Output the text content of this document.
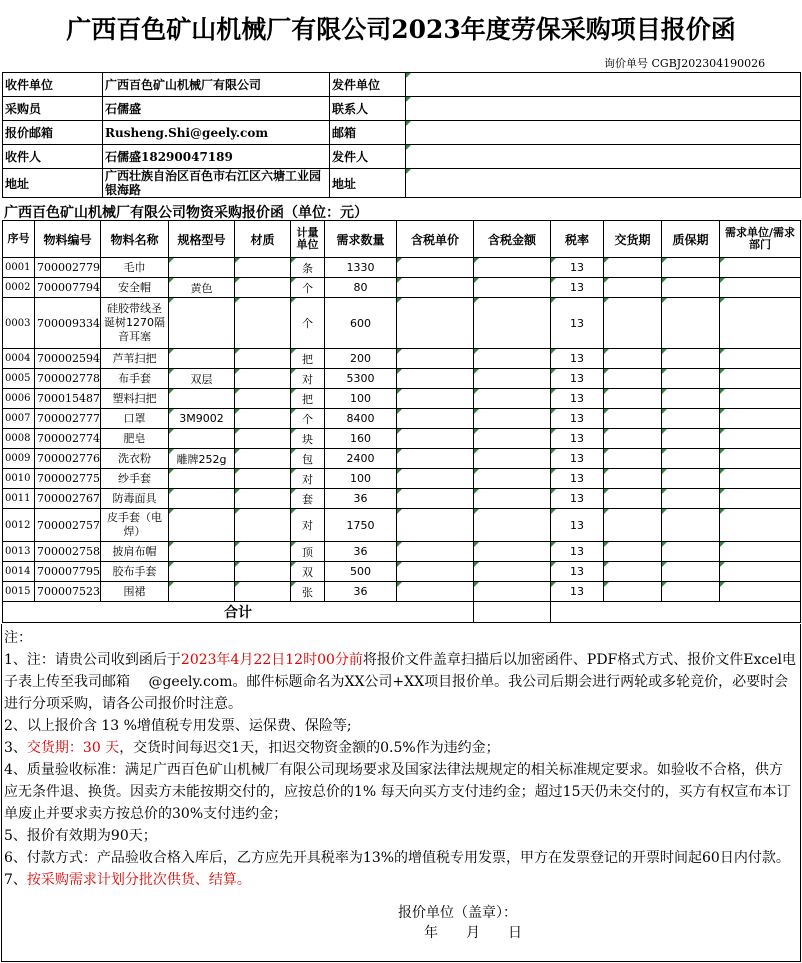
广西百色矿山机械厂有限公司2023年度劳保采购项目报价函
询价单号 CGBJ202304190026
收件单位	广西百色矿山机械厂有限公司	发件单位	
采购员	石儒盛	联系人	
报价邮箱	Rusheng.Shi@geely.com	邮箱	
收件人	石儒盛18290047189	发件人	
地址	广西壮族自治区百色市右江区六塘工业园银海路	地址	
广西百色矿山机械厂有限公司物资采购报价函（单位：元）
序号	物料编号	物料名称	规格型号	材质	计量单位	需求数量	含税单价	含税金额	税率	交货期	质保期	需求单位/需求部门
0001	700002779	毛巾			条	1330			13			
0002	700007794	安全帽	黄色		个	80			13			
0003	700009334	硅胶带线圣诞树1270隔音耳塞			个	600			13			
0004	700002594	芦苇扫把			把	200			13			
0005	700002778	布手套	双层		对	5300			13			
0006	700015487	塑料扫把			把	100			13			
0007	700002777	口罩	3M9002		个	8400			13			
0008	700002774	肥皂			块	160			13			
0009	700002776	洗衣粉	雕牌252g		包	2400			13			
0010	700002775	纱手套			对	100			13			
0011	700002767	防毒面具			套	36			13			
0012	700002757	皮手套（电焊）			对	1750			13			
0013	700002758	披肩布帽			顶	36			13			
0014	700007795	胶布手套			双	500			13			
0015	700007523	围裙			张	36			13			
合计												

注：

1、注：请贵公司收到函后于2023年4月22日12时00分前将报价文件盖章扫描后以加密函件、PDF格式方式、报价文件Excel电子表上传至我司邮箱　 @geely.com。邮件标题命名为XX公司+XX项目报价单。我公司后期会进行两轮或多轮竞价，必要时会进行分项采购，请各公司报价时注意。

2、以上报价含 13 %增值税专用发票、运保费、保险等;

3、交货期：30 天，交货时间每迟交1天，扣迟交物资金额的0.5%作为违约金；

4、质量验收标准：满足广西百色矿山机械厂有限公司现场要求及国家法律法规规定的相关标准规定要求。如验收不合格，供方应无条件退、换货。因卖方未能按期交付的，应按总价的1% 每天向买方支付违约金；超过15天仍未交付的，买方有权宣布本订单废止并要求卖方按总价的30%支付违约金；

5、报价有效期为90天；

6、付款方式：产品验收合格入库后，乙方应先开具税率为13%的增值税专用发票，甲方在发票登记的开票时间起60日内付款。

7、按采购需求计划分批次供货、结算。

报价单位（盖章）：
年　　月　　日
